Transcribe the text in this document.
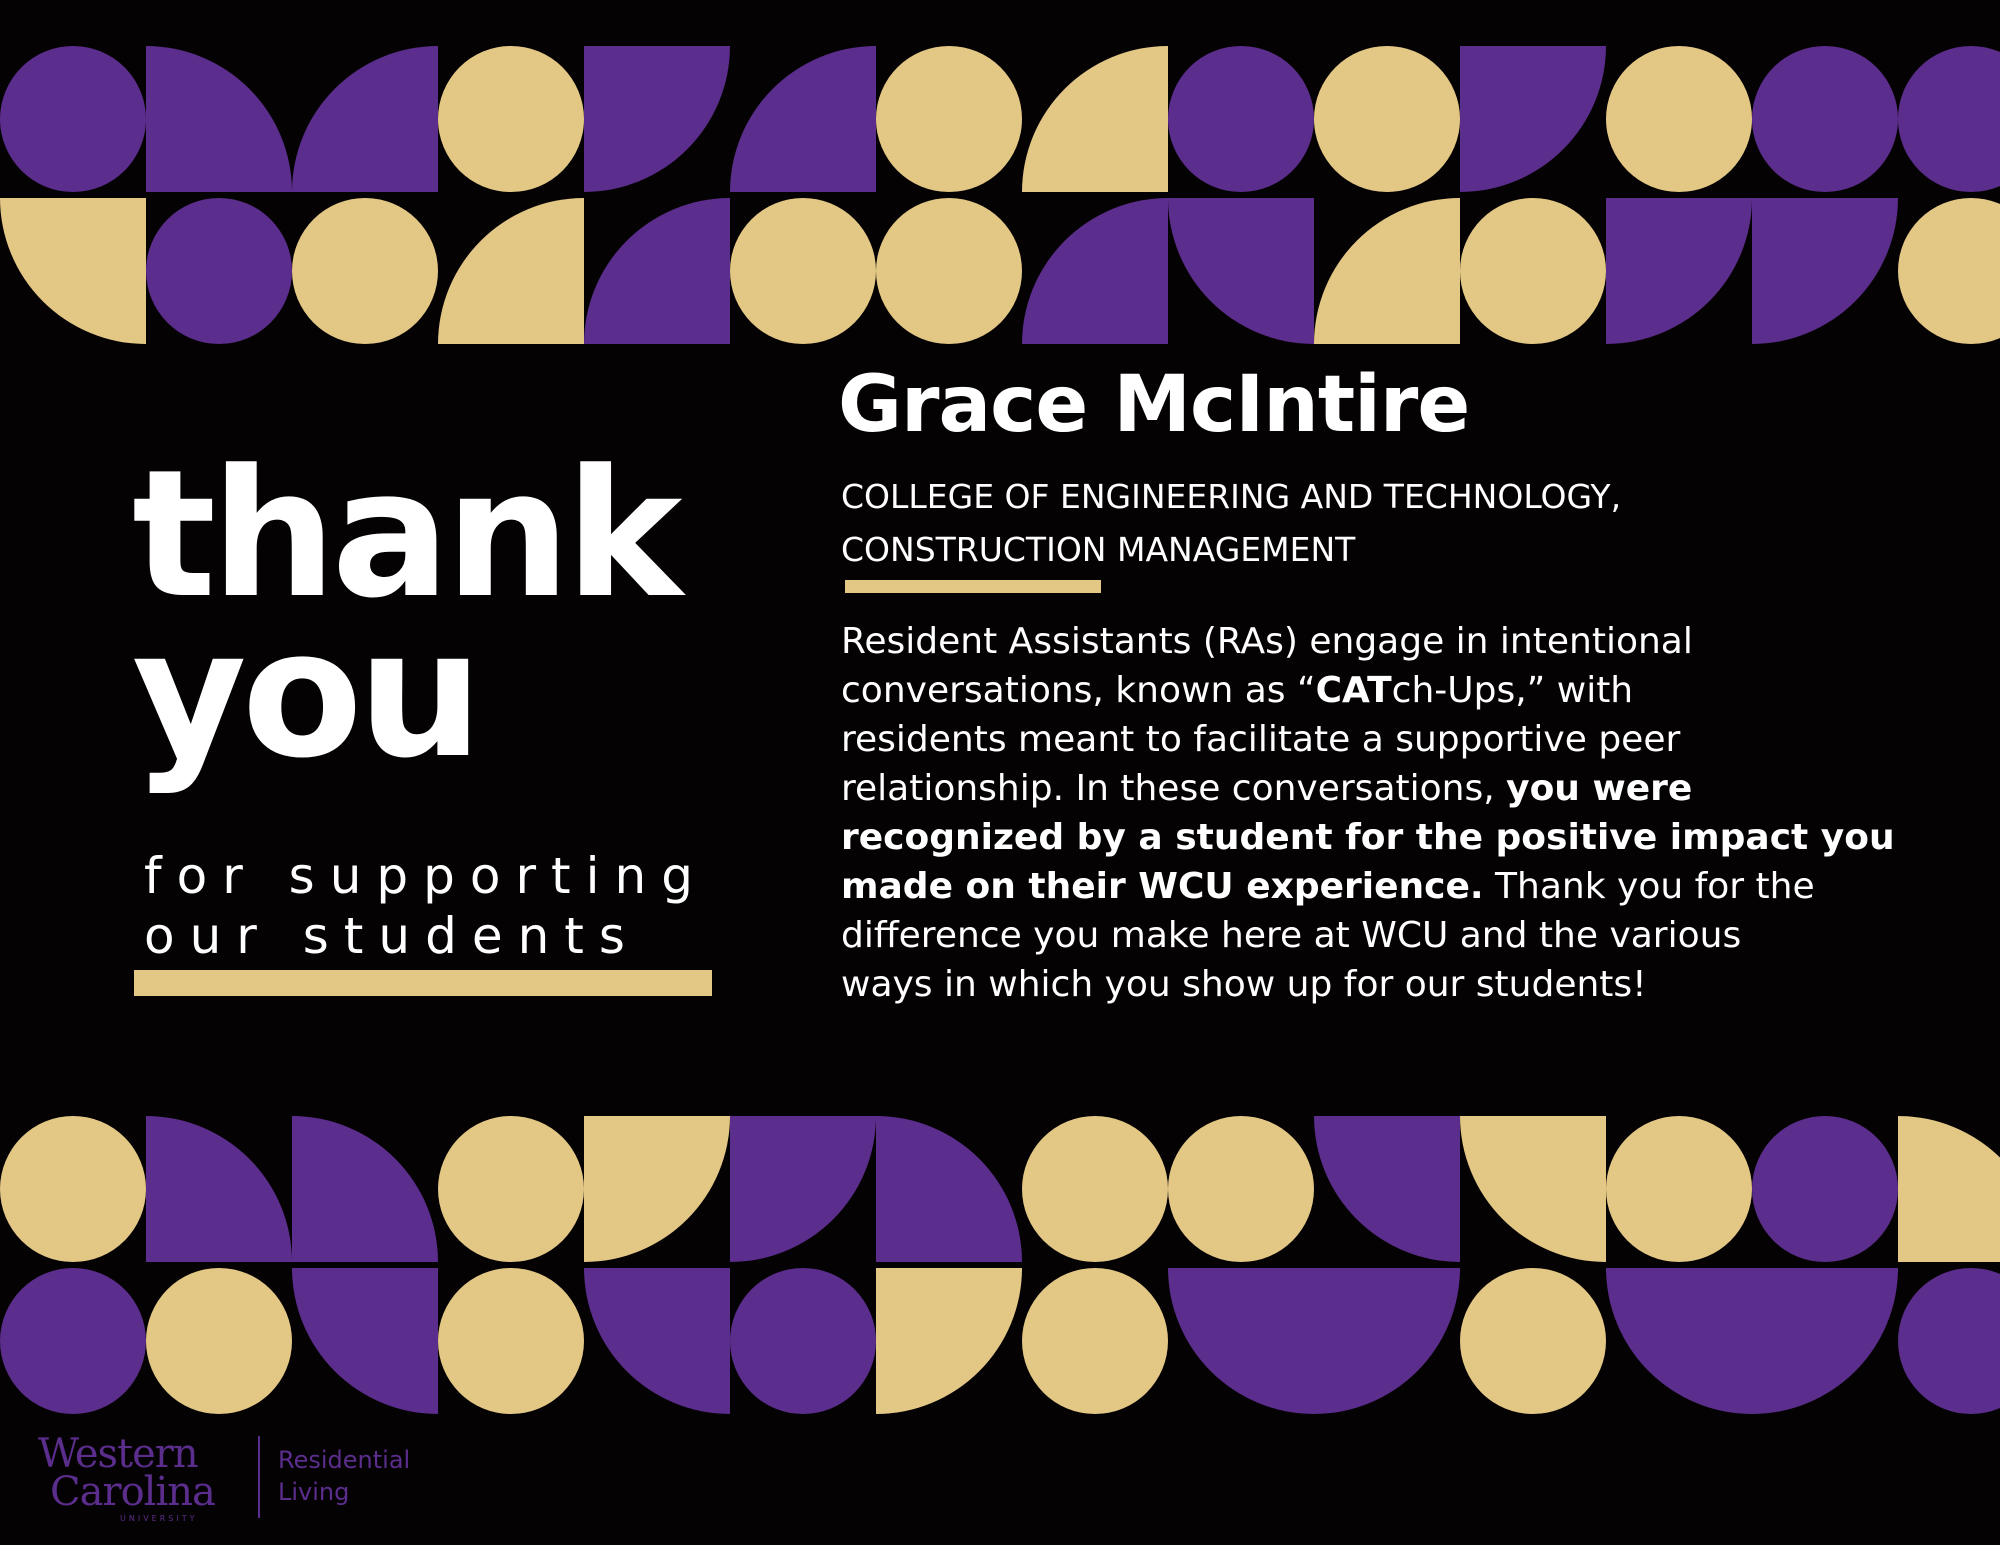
thank
you
for supporting
our students
Grace McIntire
COLLEGE OF ENGINEERING AND TECHNOLOGY,
CONSTRUCTION MANAGEMENT
Resident Assistants (RAs) engage in intentional
conversations, known as “CATch-Ups,” with
residents meant to facilitate a supportive peer
relationship. In these conversations, you were
recognized by a student for the positive impact you
made on their WCU experience. Thank you for the
difference you make here at WCU and the various
ways in which you show up for our students!
Western
Carolina
UNIVERSITY
Residential
Living
